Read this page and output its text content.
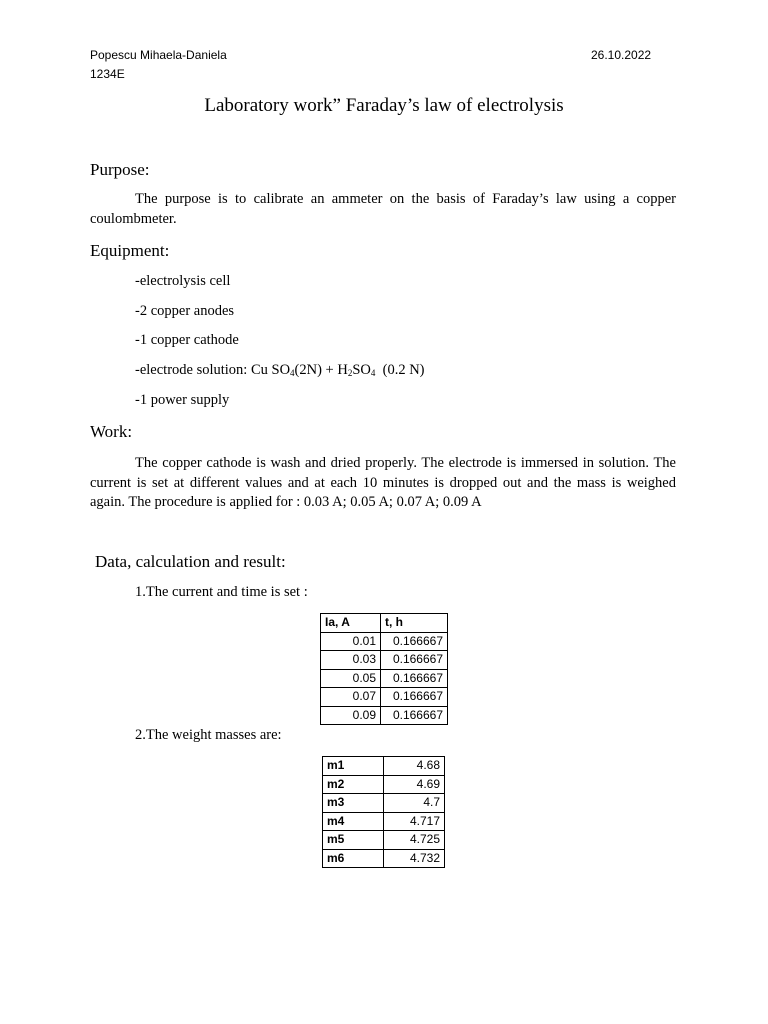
Popescu Mihaela-Daniela
1234E
26.10.2022
Laboratory work” Faraday’s law of electrolysis
Purpose:
The purpose is to calibrate an ammeter on the basis of Faraday’s law using a copper coulombmeter.
Equipment:
-electrolysis cell
-2 copper anodes
-1 copper cathode
-electrode solution: Cu $SO_4(2N) + H_2SO_4$  (0.2 N)
-1 power supply
Work:
The copper cathode is wash and dried properly. The electrode is immersed in solution. The current is set at different values and at each 10 minutes is dropped out and the mass is weighed again. The procedure is applied for : 0.03 A; 0.05 A; 0.07 A; 0.09 A
Data, calculation and result:
1.The current and time is set :
Ia, A	t, h
0.01	0.166667
0.03	0.166667
0.05	0.166667
0.07	0.166667
0.09	0.166667
2.The weight masses are:
m1	4.68
m2	4.69
m3	4.7
m4	4.717
m5	4.725
m6	4.732
